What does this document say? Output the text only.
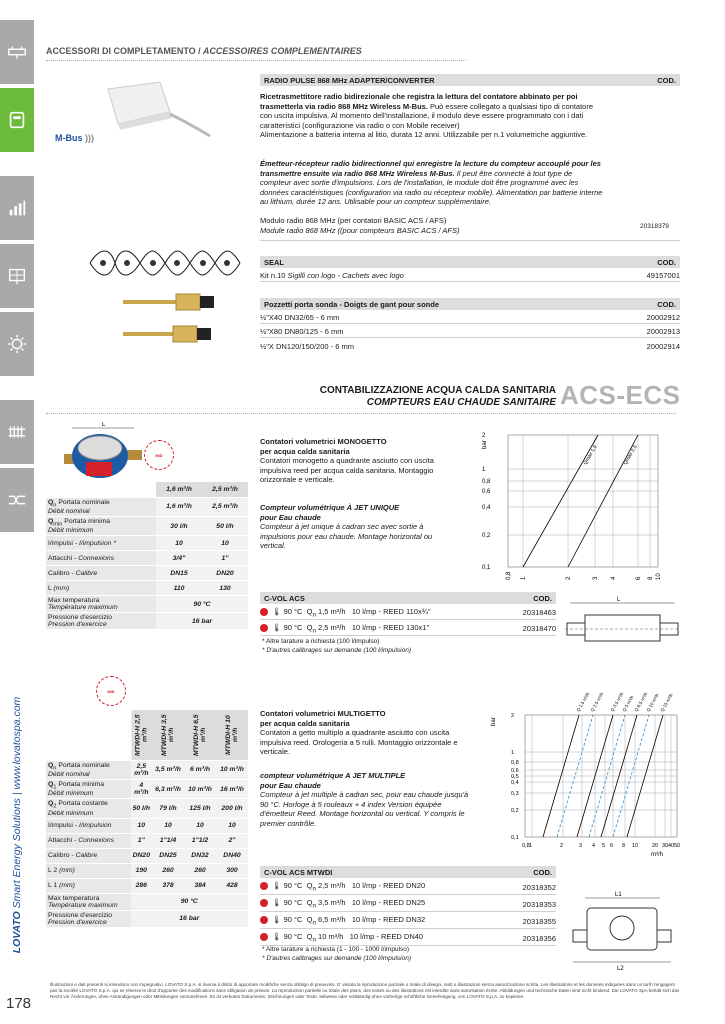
LOVATO Smart Energy Solutions | www.lovatospa.com
178
ACCESSORI DI COMPLETAMENTO / ACCESSOIRES COMPLEMENTAIRES
M-Bus )))
RADIO PULSE 868 MHz ADAPTER/CONVERTER	COD.
Ricetrasmettitore radio bidirezionale che registra la lettura del contatore abbinato per poi trasmetterla via radio 868 MHz Wireless M-Bus. Può essere collegato a qualsiasi tipo di contatore con uscita impulsiva. Al momento dell'installazione, il modulo deve essere programmato con i dati caratteristici (configurazione via radio o con Mobile receiver)
Alimentazione a batteria interna al litio, durata 12 anni. Utilizzabile per n.1 volumetriche aggiuntive.
Émetteur-récepteur radio bidirectionnel qui enregistre la lecture du compteur accouplé pour les transmettre ensuite via radio 868 MHz Wireless M-Bus. Il peut être connecté à tout type de compteur avec sortie d'impulsions. Lors de l'installation, le module doit être programmé avec les données caractéristiques (configuration via radio ou récepteur mobile). Alimentation par batterie interne au lithium, durée 12 ans. Utilisable pour un compteur supplémentaire.
Modulo radio 868 MHz (per contatori BASIC ACS / AFS)
Module radio 868 MHz ((pour compteurs BASIC ACS / AFS)	20318379
SEAL	COD.
Kit n.10 Sigilli con logo - Cachets avec logo	49157001
Pozzetti porta sonda - Doigts de gant pour sonde	COD.
½"X40 DN32/65 - 6 mm	20002912
½"X80 DN80/125 - 6 mm	20002913
½"X DN120/150/200 - 6 mm	20002914
CONTABILIZZAZIONE ACQUA CALDA SANITARIA
COMPTEURS EAU CHAUDE SANITAIRE ACS-ECS
L
MID
	1,6 m³/h	2,5 m³/h
$Q_n$ Portata nominale
Débit nominal	1,6 m³/h	2,5 m³/h
$Q_{min}$ Portata minima
Débit minimum	30 l/h	50 l/h
I/impulsi - I/impulsion *	10	10
Attacchi - Connexions	3/4"	1"
Calibro - Calibre	DN15	DN20
L (mm)	110	130
Max temperatura
Température maximum	90 °C	
Pressione d'esercizio
Pression d'exercice	16 bar	
Contatori volumetrici MONOGETTO
per acqua calda sanitaria
Contatori monogetto a quadrante asciutto con uscita impulsiva reed per acqua calda sanitaria. Montaggio orizzontale e verticale.
Compteur volumétrique À JET UNIQUE
pour Eau chaude
Compteur à jet unique à cadran sec avec sortie à impulsions pour eau chaude. Montage horizontal ou vertical.
bar	Qmax 1,5	Qmax 2,5
2
1
0,8
0,6
0,4
0,2
0,1
0,8 1	2	3 4	6 8 10
C-VOL ACS	COD.
🌡 90 °C $Q_n$ 1,5 m³/h 10 l/mp - REED 110x¾"	20318463
🌡 90 °C $Q_n$ 2,5 m³/h 10 l/mp - REED 130x1"	20318470
* Altre tarature a richiesta (100 l/impulso)
* D'autres calibrages sur demande (100 l/impulsion)
L
MID
	MTWDI-H 2,5 m³/h	MTWDI-H 3,5 m³/h	MTWDI-H 6,5 m³/h	MTWDI-H 10 m³/h
$Q_n$ Portata nominale
Débit nominal	2,5 m³/h	3,5 m³/h	6 m³/h	10 m³/h
$Q_1$ Portata minima
Débit minimum	4 m³/h	6,3 m³/h	10 m³/h	16 m³/h
$Q_2$ Portata costante
Débit minimum	50 l/h	79 l/h	125 l/h	200 l/h
I/impulsi - I/impulsion	10	10	10	10
Attacchi - Connexions	1"	1"1/4	1"1/2	2"
Calibro - Calibre	DN20	DN25	DN32	DN40
L 2 (mm)	190	260	260	300
L 1 (mm)	286	378	384	428
Max temperatura
Température maximum	90 °C			
Pressione d'esercizio
Pression d'exercice	16 bar			
Contatori volumetrici MULTIGETTO
per acqua calda sanitaria
Contatori a getto multiplo a quadrante asciutto con uscita impulsiva reed. Orologeria a 5 rulli. Montaggio orizzontale e verticale.
compteur volumétrique A JET MULTIPLE
pour Eau chaude
Compteur à jet multiple à cadran sec, pour eau chaude jusqu'à 90 °C. Horloge à 5 rouleaux + 4 index Version équipée d'émetteur Reed. Montage horizontal ou vertical. Y compris le premier contrôle.
bar
Q 1,5 m³/h Q 2,5 m³/h Q 3,5 m³/h
Q 5 m³/h
Q 6,5 m³/h
Q 10 m³/h Q 15 m³/h
2
1
0,8
0,6
0,5
0,4
0,3
0,2
0,1
0,8 1	2	3 4 5 6 8 10	20 30 40 50
m³/h
C-VOL ACS MTWDI	COD.
🌡 90 °C $Q_n$ 2,5 m³/h 10 l/mp - REED DN20	20318352
🌡 90 °C $Q_n$ 3,5 m³/h 10 l/mp - REED DN25	20318353
🌡 90 °C $Q_n$ 6,5 m³/h 10 l/mp - REED DN32	20318355
🌡 90 °C $Q_n$ 10 m³/h 10 l/mp - REED DN40	20318356
* Altre tarature a richiesta (1 - 100 - 1000 l/impulso)
* D'autres calibrages sur demande (100 l/impulsion)
L1
L2
Illustrazioni e dati presenti si intendono non impegnativi. LOVATO S.p.A. si riserva il diritto di apportare modifiche senza obbligo di preavviso. E' vietata la riproduzione parziale o totale di disegni, testi o illustrazioni senza autorizzazione scritta. Les illustrations et les données indiquées dans ce tarif n'engagent pas la société LOVATO S.p.A. qui se réserve le droit d'apporter des modifications sans obligation de préavis. La reproduction partielle ou totale des plans, des textes ou des illustrations est interdite sans autorisation écrite. Abbildungen und technische Daten sind nicht bindend. Die LOVATO SpA behält sich das Recht vor Änderungen, ohne Ankündigungen oder Mitteilungen vorzunehmen. Es ist verboten Dokumente, Zeichnungen oder Texte, teilweise oder vollständig ohne vorherige schriftliche Genehmigung, von LOVATO S.p.A. zu kopieren.
